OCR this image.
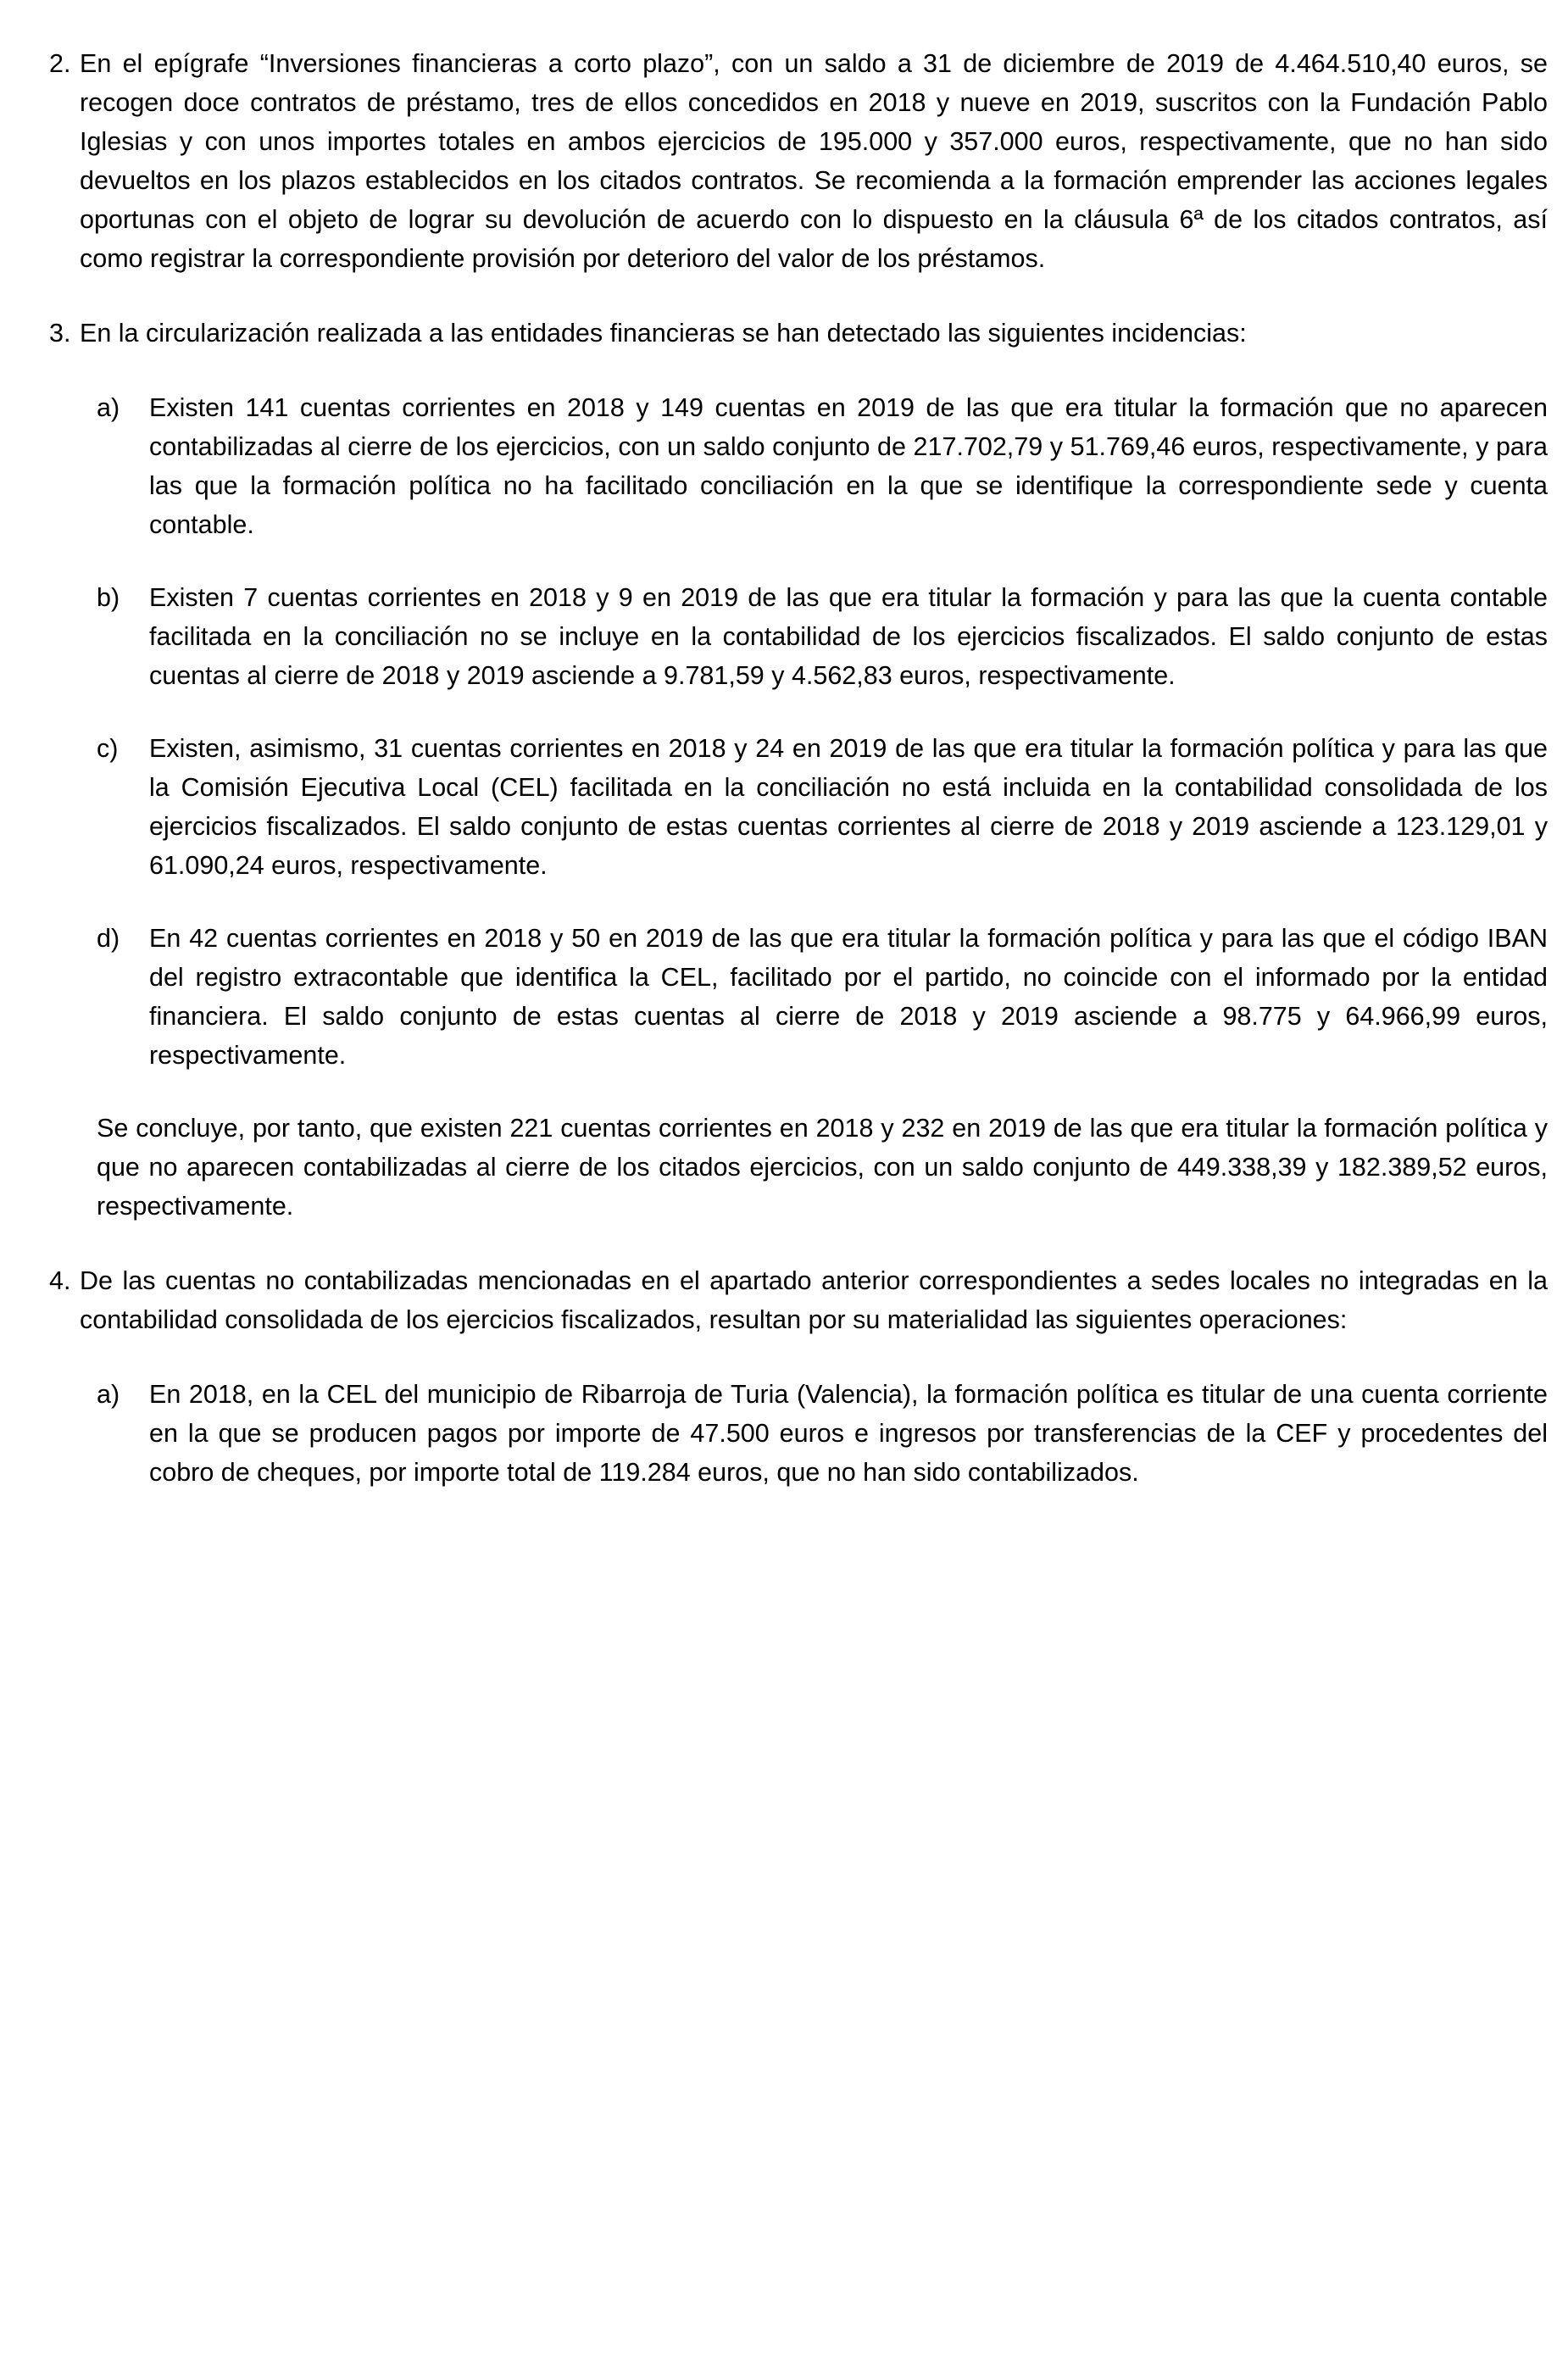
2. En el epígrafe “Inversiones financieras a corto plazo”, con un saldo a 31 de diciembre de 2019 de 4.464.510,40 euros, se recogen doce contratos de préstamo, tres de ellos concedidos en 2018 y nueve en 2019, suscritos con la Fundación Pablo Iglesias y con unos importes totales en ambos ejercicios de 195.000 y 357.000 euros, respectivamente, que no han sido devueltos en los plazos establecidos en los citados contratos. Se recomienda a la formación emprender las acciones legales oportunas con el objeto de lograr su devolución de acuerdo con lo dispuesto en la cláusula 6ª de los citados contratos, así como registrar la correspondiente provisión por deterioro del valor de los préstamos.
3. En la circularización realizada a las entidades financieras se han detectado las siguientes incidencias:
a)	Existen 141 cuentas corrientes en 2018 y 149 cuentas en 2019 de las que era titular la formación que no aparecen contabilizadas al cierre de los ejercicios, con un saldo conjunto de 217.702,79 y 51.769,46 euros, respectivamente, y para las que la formación política no ha facilitado conciliación en la que se identifique la correspondiente sede y cuenta contable.
b)	Existen 7 cuentas corrientes en 2018 y 9 en 2019 de las que era titular la formación y para las que la cuenta contable facilitada en la conciliación no se incluye en la contabilidad de los ejercicios fiscalizados. El saldo conjunto de estas cuentas al cierre de 2018 y 2019 asciende a 9.781,59 y 4.562,83 euros, respectivamente.
c)	Existen, asimismo, 31 cuentas corrientes en 2018 y 24 en 2019 de las que era titular la formación política y para las que la Comisión Ejecutiva Local (CEL) facilitada en la conciliación no está incluida en la contabilidad consolidada de los ejercicios fiscalizados. El saldo conjunto de estas cuentas corrientes al cierre de 2018 y 2019 asciende a 123.129,01 y 61.090,24 euros, respectivamente.
d)	En 42 cuentas corrientes en 2018 y 50 en 2019 de las que era titular la formación política y para las que el código IBAN del registro extracontable que identifica la CEL, facilitado por el partido, no coincide con el informado por la entidad financiera. El saldo conjunto de estas cuentas al cierre de 2018 y 2019 asciende a 98.775 y 64.966,99 euros, respectivamente.
Se concluye, por tanto, que existen 221 cuentas corrientes en 2018 y 232 en 2019 de las que era titular la formación política y que no aparecen contabilizadas al cierre de los citados ejercicios, con un saldo conjunto de 449.338,39 y 182.389,52 euros, respectivamente.
4. De las cuentas no contabilizadas mencionadas en el apartado anterior correspondientes a sedes locales no integradas en la contabilidad consolidada de los ejercicios fiscalizados, resultan por su materialidad las siguientes operaciones:
a)	En 2018, en la CEL del municipio de Ribarroja de Turia (Valencia), la formación política es titular de una cuenta corriente en la que se producen pagos por importe de 47.500 euros e ingresos por transferencias de la CEF y procedentes del cobro de cheques, por importe total de 119.284 euros, que no han sido contabilizados.
